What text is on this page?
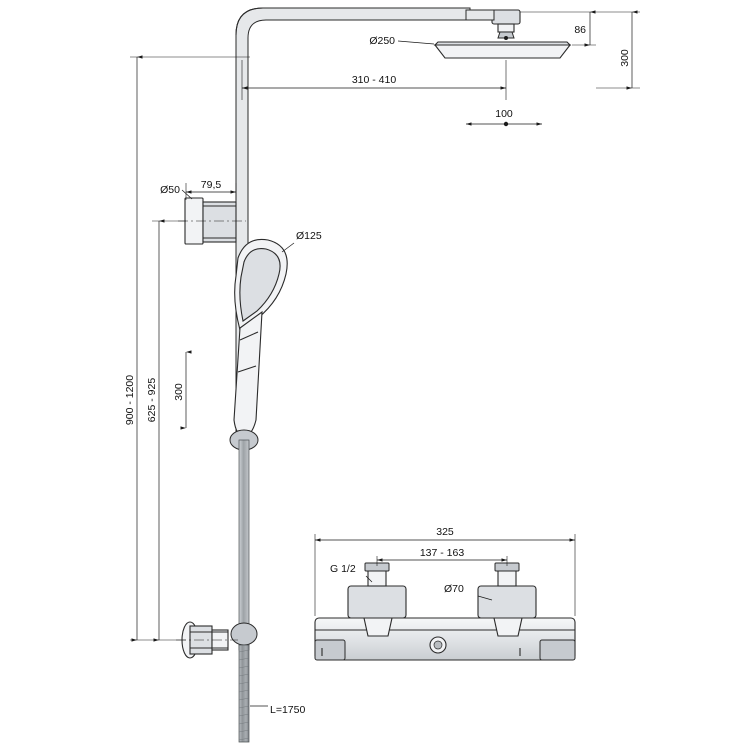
Ø250
86
300
310 - 410
100
Ø50 79,5
Ø125
L=1750
900 - 1200 625 - 925 300
325
137 - 163
G 1/2
Ø70
